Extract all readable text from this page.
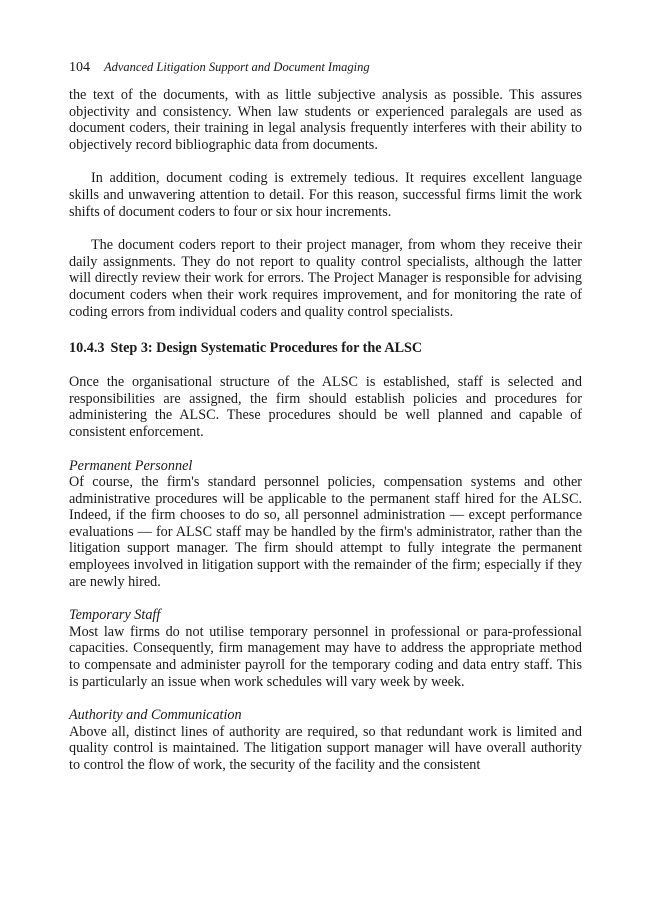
104 Advanced Litigation Support and Document Imaging

the text of the documents, with as little subjective analysis as possible. This assures objectivity and consistency. When law students or experienced paralegals are used as document coders, their training in legal analysis frequently interferes with their ability to objectively record bibliographic data from documents.

In addition, document coding is extremely tedious. It requires excellent language skills and unwavering attention to detail. For this reason, successful firms limit the work shifts of document coders to four or six hour increments.

The document coders report to their project manager, from whom they receive their daily assignments. They do not report to quality control specialists, although the latter will directly review their work for errors. The Project Manager is responsible for advising document coders when their work requires improvement, and for monitoring the rate of coding errors from individual coders and quality control specialists.

10.4.3 Step 3: Design Systematic Procedures for the ALSC

Once the organisational structure of the ALSC is established, staff is selected and responsibilities are assigned, the firm should establish policies and procedures for administering the ALSC. These procedures should be well planned and capable of consistent enforcement.

Permanent Personnel

Of course, the firm's standard personnel policies, compensation systems and other administrative procedures will be applicable to the permanent staff hired for the ALSC. Indeed, if the firm chooses to do so, all personnel administration — except performance evaluations — for ALSC staff may be handled by the firm's administrator, rather than the litigation support manager. The firm should attempt to fully integrate the permanent employees involved in litigation support with the remainder of the firm; especially if they are newly hired.

Temporary Staff

Most law firms do not utilise temporary personnel in professional or para-professional capacities. Consequently, firm management may have to address the appropriate method to compensate and administer payroll for the temporary coding and data entry staff. This is particularly an issue when work schedules will vary week by week.

Authority and Communication

Above all, distinct lines of authority are required, so that redundant work is limited and quality control is maintained. The litigation support manager will have overall authority to control the flow of work, the security of the facility and the consistent
